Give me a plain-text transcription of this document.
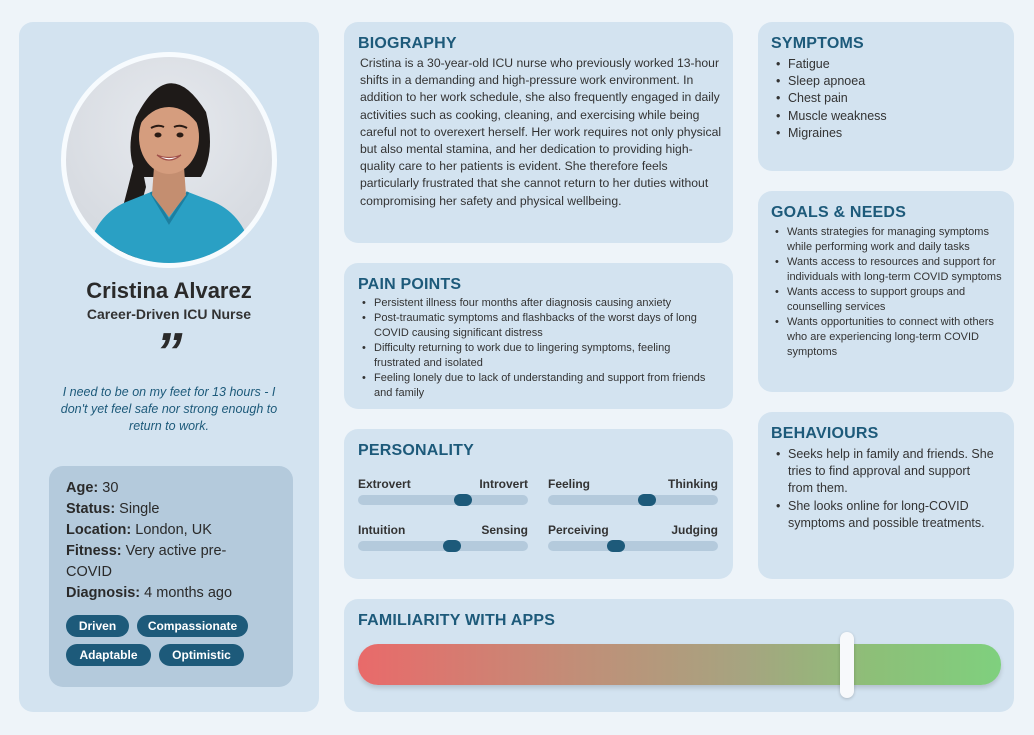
Cristina Alvarez
Career-Driven ICU Nurse
”
I need to be on my feet for 13 hours - I don't yet feel safe nor strong enough to return to work.
Age: 30
Status: Single
Location: London, UK
Fitness: Very active pre-COVID
Diagnosis: 4 months ago
Driven	Compassionate
Adaptable	Optimistic
BIOGRAPHY
Cristina is a 30-year-old ICU nurse who previously worked 13-hour shifts in a demanding and high-pressure work environment. In addition to her work schedule, she also frequently engaged in daily activities such as cooking, cleaning, and exercising while being careful not to overexert herself. Her work requires not only physical but also mental stamina, and her dedication to providing high-quality care to her patients is evident. She therefore feels particularly frustrated that she cannot return to her duties without compromising her safety and physical wellbeing.
PAIN POINTS
• Persistent illness four months after diagnosis causing anxiety
• Post-traumatic symptoms and flashbacks of the worst days of long COVID causing significant distress
• Difficulty returning to work due to lingering symptoms, feeling frustrated and isolated
• Feeling lonely due to lack of understanding and support from friends and family
PERSONALITY
Extrovert	Introvert Feeling	Thinking
Intuition	Sensing Perceiving	Judging
SYMPTOMS
• Fatigue
• Sleep apnoea
• Chest pain
• Muscle weakness
• Migraines
GOALS & NEEDS
• Wants strategies for managing symptoms while performing work and daily tasks
• Wants access to resources and support for individuals with long-term COVID symptoms
• Wants access to support groups and counselling services
• Wants opportunities to connect with others who are experiencing long-term COVID symptoms
BEHAVIOURS
• Seeks help in family and friends. She tries to find approval and support from them.
• She looks online for long-COVID symptoms and possible treatments.
FAMILIARITY WITH APPS
